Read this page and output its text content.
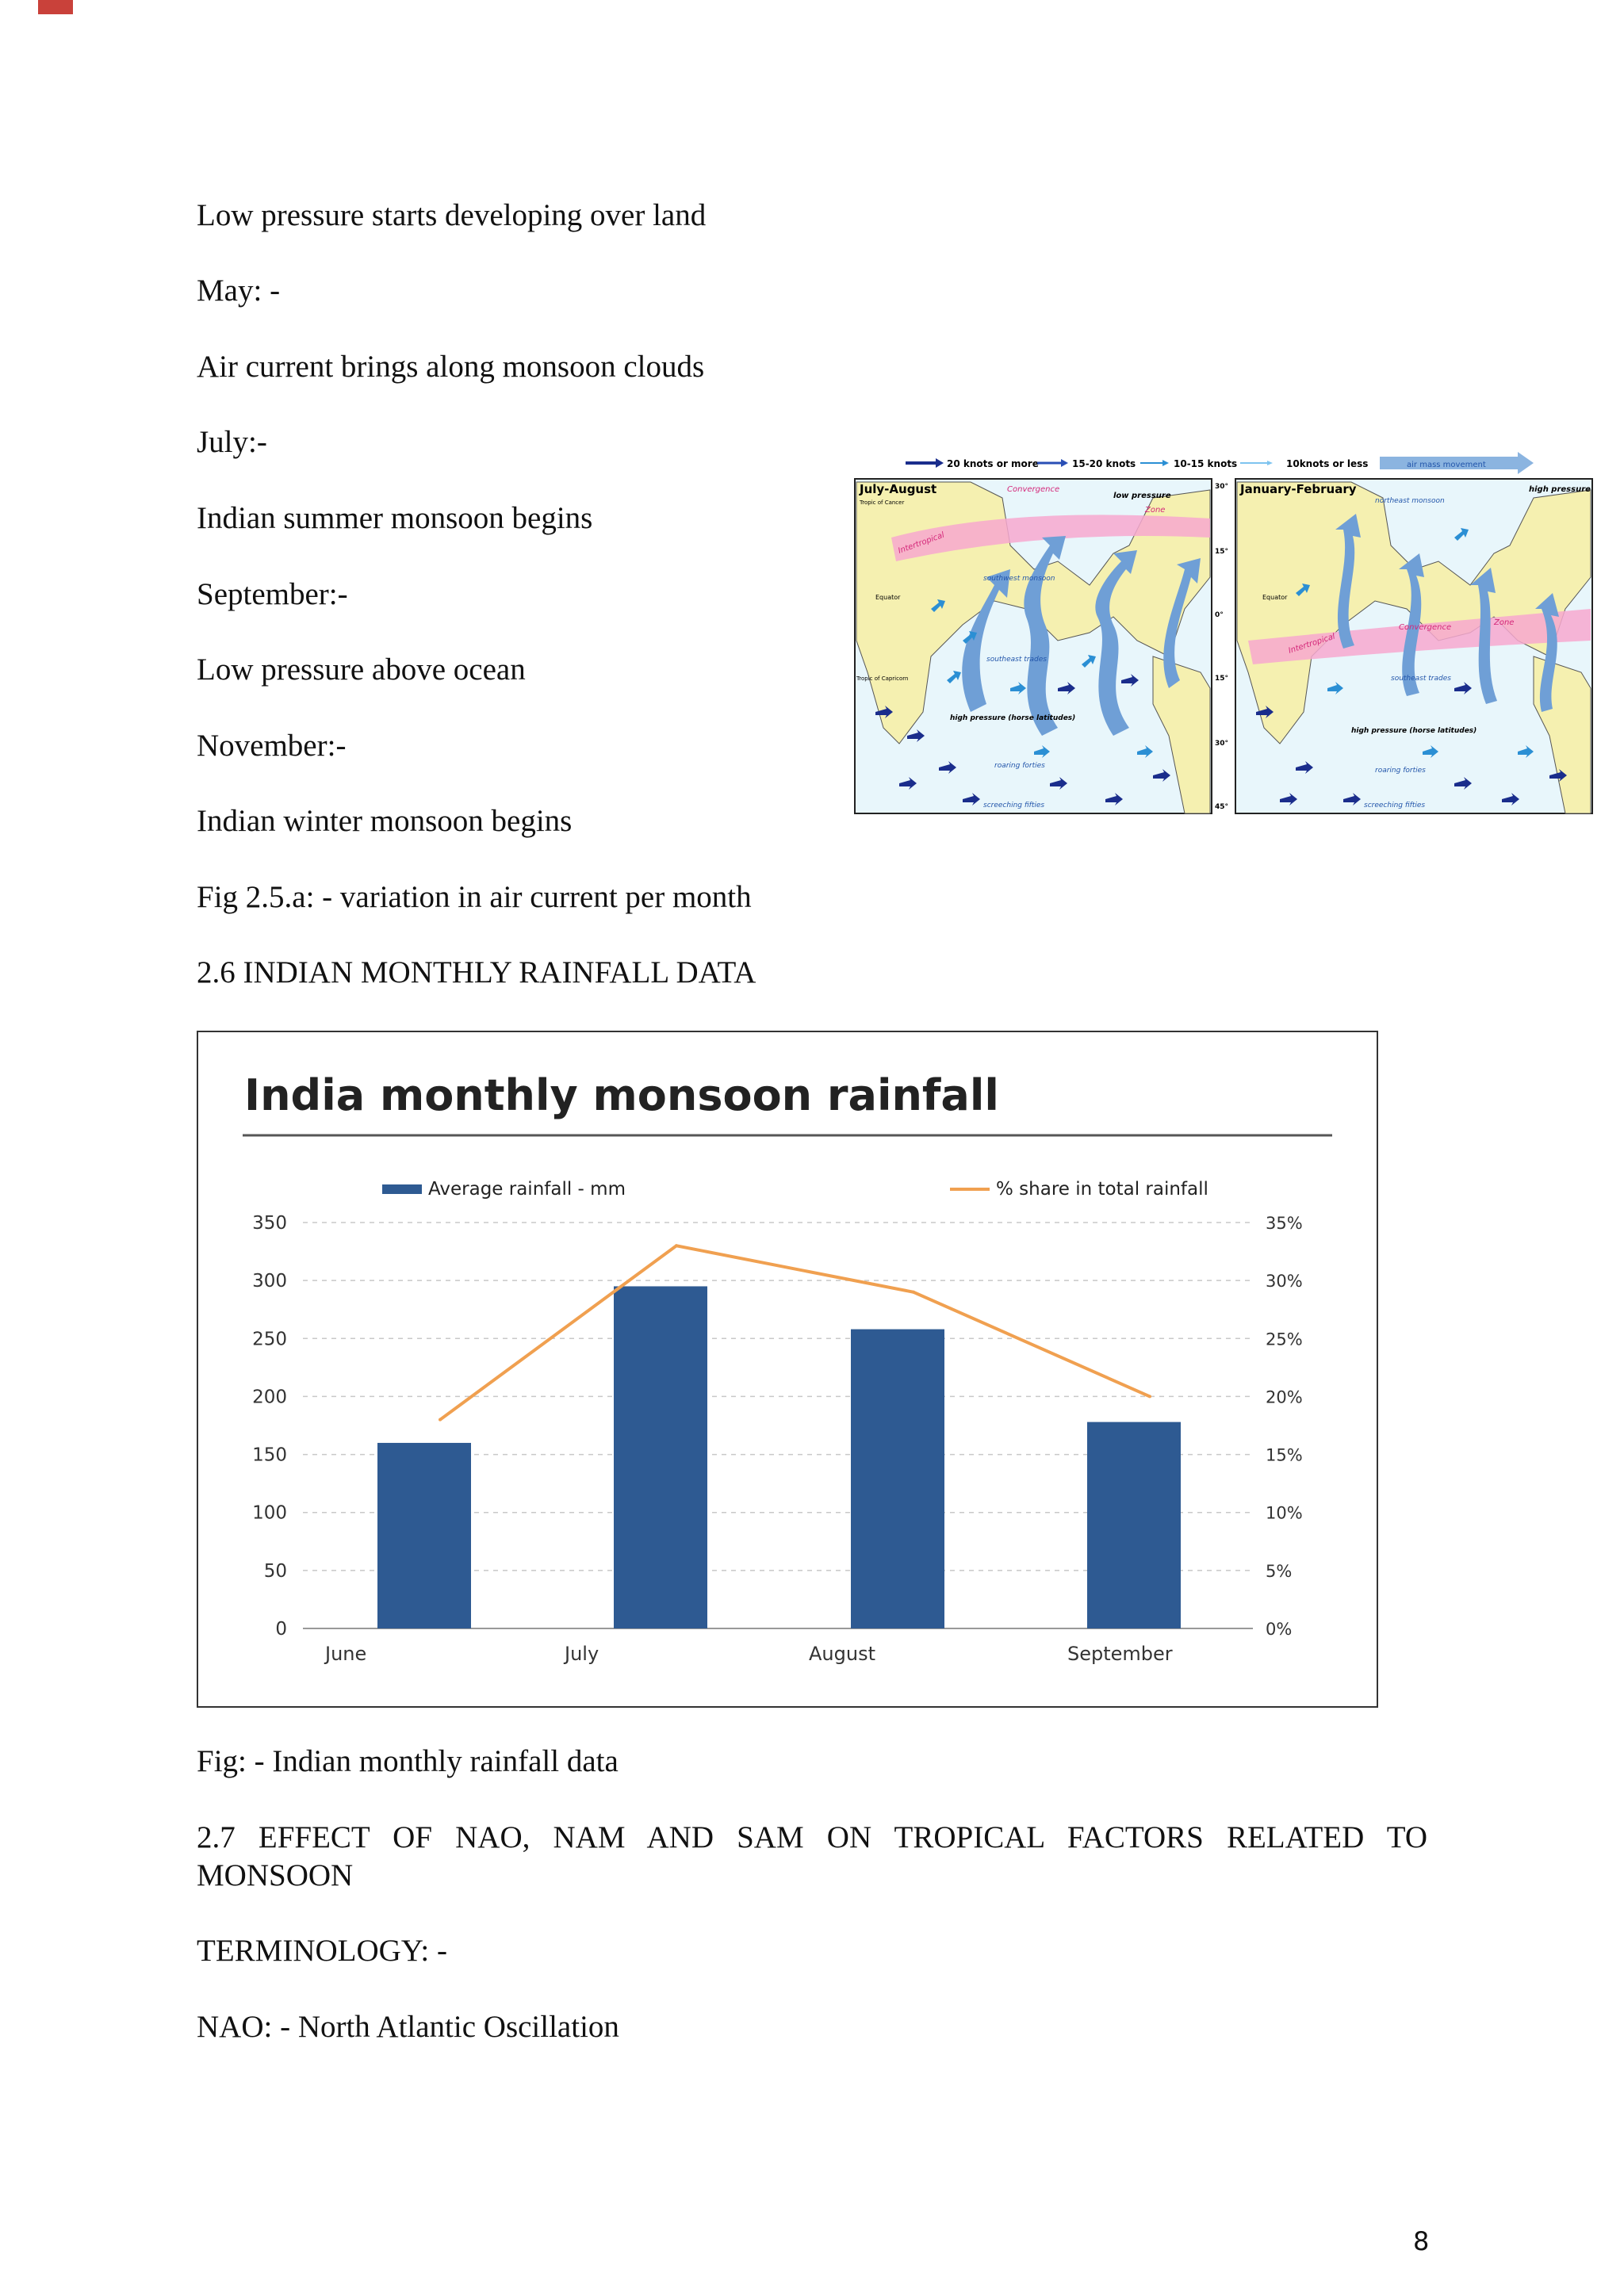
Low pressure starts developing over land

May: -

Air current brings along monsoon clouds

July:-

Indian summer monsoon begins

September:-

Low pressure above ocean

November:-

Indian winter monsoon begins

Fig 2.5.a: - variation in air current per month

2.6 INDIAN MONTHLY RAINFALL DATA

20 knots or more	15-20 knots	10-15 knots	10knots or less	air mass movement
July-August
Tropic of Cancer
Convergence
low pressure
Zone
Intertropical
southwest monsoon
Equator
southeast trades
Tropic of Capricorn
high pressure (horse latitudes)
roaring forties
screeching fifties
30°
15°
0°
15°
30°
45°
January-February	high pressure
northeast monsoon
Equator
Convergence
Zone
Intertropical
southeast trades
high pressure (horse latitudes)
roaring forties
screeching fifties
India monthly monsoon rainfall
Average rainfall - mm	% share in total rainfall
0
50
100
150
200
250
300
350
0%
5%
10%
15%
20%
25%
30%
35%
June	July	August	September

Fig: - Indian monthly rainfall data

2.7 EFFECT OF NAO, NAM AND SAM ON TROPICAL FACTORS RELATED TO MONSOON

TERMINOLOGY: -

NAO: - North Atlantic Oscillation

8
